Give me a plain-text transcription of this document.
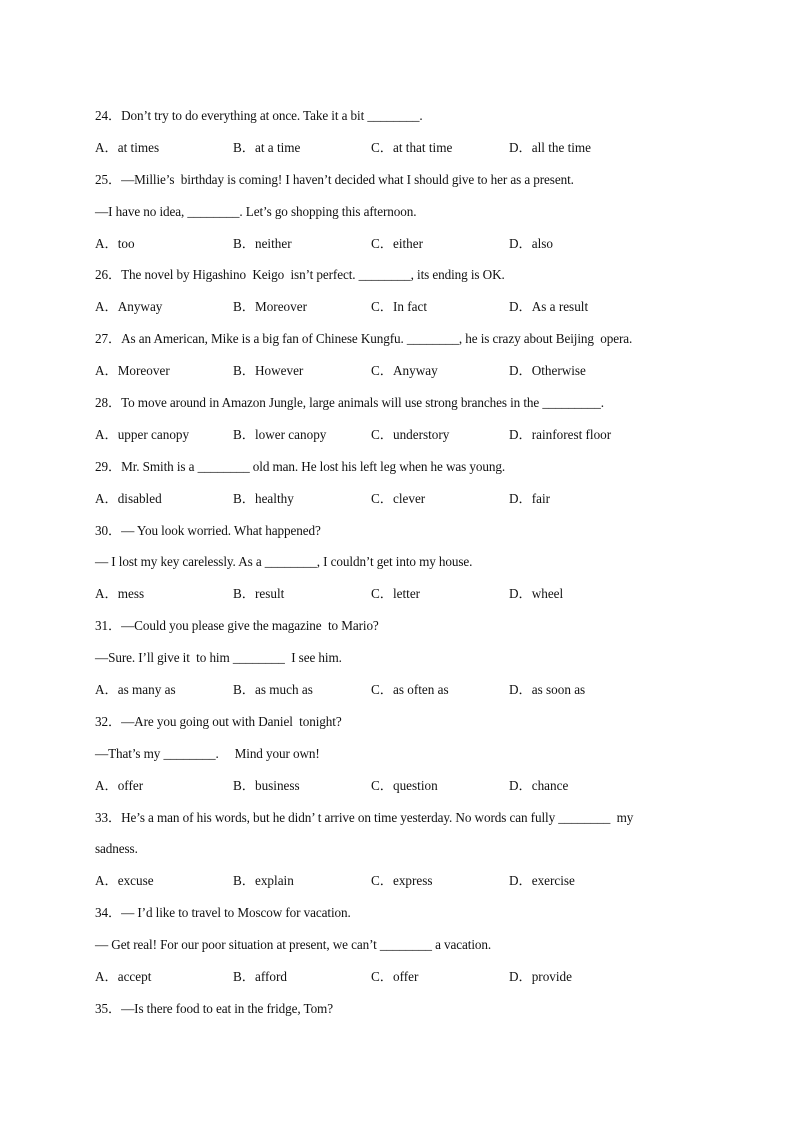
24．Don’t try to do everything at once. Take it a bit ________.
A．at times	B．at a time	C．at that time	D．all the time
25．—Millie’s  birthday is coming! I haven’t decided what I should give to her as a present.
—I have no idea, ________. Let’s go shopping this afternoon.
A．too	B．neither	C．either	D．also
26．The novel by Higashino  Keigo  isn’t perfect. ________, its ending is OK.
A．Anyway	B．Moreover	C．In fact	D．As a result
27．As an American, Mike is a big fan of Chinese Kungfu. ________, he is crazy about Beijing  opera.
A．Moreover	B．However	C．Anyway	D．Otherwise
28．To move around in Amazon Jungle, large animals will use strong branches in the _________.
A．upper canopy	B．lower canopy	C．understory	D．rainforest floor
29．Mr. Smith is a ________ old man. He lost his left leg when he was young.
A．disabled	B．healthy	C．clever	D．fair
30．— You look worried. What happened?
— I lost my key carelessly. As a ________, I couldn’t get into my house.
A．mess	B．result	C．letter	D．wheel
31．—Could you please give the magazine  to Mario?
—Sure. I’ll give it  to him ________  I see him.
A．as many as	B．as much as	C．as often as	D．as soon as
32．—Are you going out with Daniel  tonight?
—That’s my ________.     Mind your own!
A．offer	B．business	C．question	D．chance
33．He’s a man of his words, but he didn’ t arrive on time yesterday. No words can fully ________  my
sadness.
A．excuse	B．explain	C．express	D．exercise
34．— I’d like to travel to Moscow for vacation.
— Get real! For our poor situation at present, we can’t ________ a vacation.
A．accept	B．afford	C．offer	D．provide
35．—Is there food to eat in the fridge, Tom?
